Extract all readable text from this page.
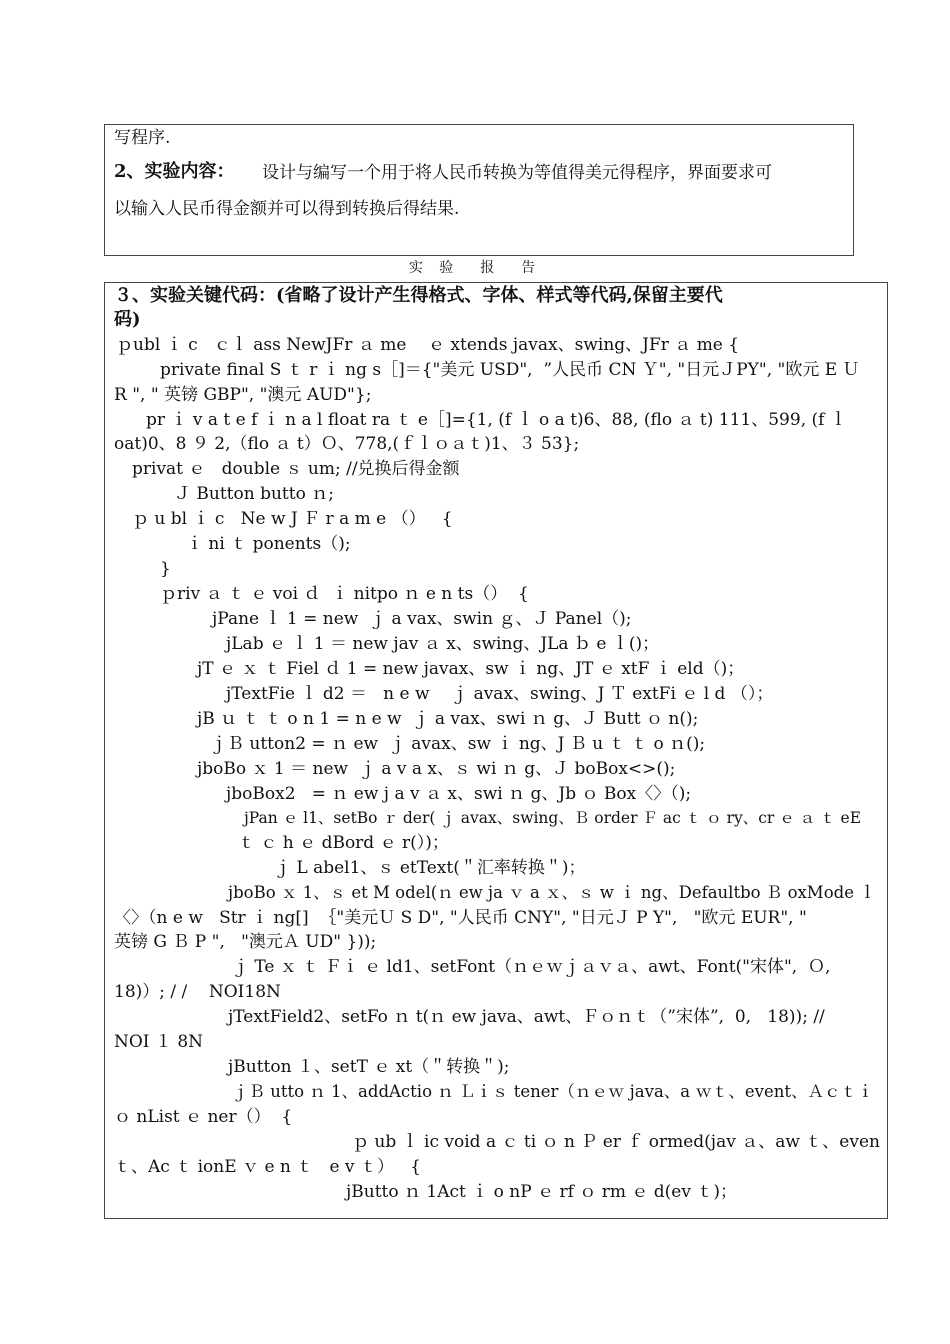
写程序.
2、实验内容： 设计与编写一个用于将人民币转换为等值得美元得程序，界面要求可
以输入人民币得金额并可以得到转换后得结果.
实 验  报  告
３、实验关键代码：(省略了设计产生得格式、字体、样式等代码,保留主要代
码)
ｐubl ｉ c   ｃｌ ass NewJFr ａ me    ｅ xtends javax、swing、JFr ａ me {
private final S ｔ r ｉ ng s［]＝{"美元 USD",  ”人民币 CN Ｙ", "日元ＪPY", "欧元 E Ｕ
R ", " 英镑 GBP", "澳元 AUD"};
pr ｉ v a t e f ｉ n a l float ra ｔ e［]={1, (f ｌ o a t)6、88, (flo ａ t) 111、599, (f ｌ
oat)0、8 ９ 2,（flo ａ t）Ｏ、778,(ｆｌｏａｔ)1、３ 53};
privat ｅ   double ｓ um; //兑换后得金额
Ｊ Button butto ｎ;
ｐ u bl ｉ c   Ne w J Ｆ r a m e （）   {
ｉ ni ｔ ponents（);
}
ｐriv ａ ｔ ｅ voi ｄ  ｉ nitpo ｎ e n ts（）  {
jPane ｌ 1 = new  ｊ a vax、swin ｇ、Ｊ Panel（);
jLab ｅ ｌ 1 ＝ new jav ａ x、swing、JLa ｂ e ｌ()；
jT ｅ ｘ ｔ Fiel ｄ 1 = new javax、sw ｉ ng、JT ｅ xtF ｉ eld（)；
jTextFie ｌ d2 ＝   n e w    ｊ avax、swing、J Ｔ extFi ｅ l d （）；
jB ｕ ｔ ｔ o n 1 = n e w  ｊ a vax、swi ｎ g、Ｊ Butt ｏ n();
ｊＢ utton2 = ｎ ew  ｊ avax、sw ｉ ng、J Ｂ u ｔ ｔ o ｎ();
jboBo ｘ 1 ＝ new  ｊ a v a x、ｓ wi ｎ g、Ｊ boBox<>();
jboBox2   = ｎ ew j a v ａ x、swi ｎ g、Jb ｏ Box〈〉（);
jPan ｅ l1、setBo ｒ der( ｊ avax、swing、Ｂ order Ｆ ac ｔ ｏ ry、cr ｅ ａ ｔ eE
ｔ ｃ h ｅ dBord ｅ r(）)；
ｊ L abel1、ｓ etText(＂汇率转换＂)；
jboBo ｘ 1、ｓ et M odel(ｎ ew ja ｖ a ｘ、ｓ w ｉ ng、Defaultbo Ｂ oxMode ｌ
〈〉（n e w   Str ｉ ng[]  ｛"美元Ｕ S D", "人民币 CNY", "日元Ｊ P Y",   "欧元 EUR", "
英镑 G Ｂ P ",   "澳元Ａ UD" }));
ｊ Te ｘ ｔ Ｆｉ ｅ ld1、setFont（ｎｅｗｊａｖａ、awt、Font("宋体",  Ｏ,
18)）; / /    NOI18N
jTextField2、setFo ｎ t(ｎ ew java、awt、Ｆｏｎｔ（”宋体”,  0,   18)); //
NOI １ 8N
jButton １、setT ｅ xt（＂转换＂);
ｊＢ utto ｎ 1、addActio ｎ Ｌｉｓ tener（ｎｅｗ java、a ｗｔ、event、Ａｃｔｉ
ｏ nList ｅ ner（）  {
ｐ ub ｌ ic void a ｃ ti ｏ n Ｐ er ｆ ormed(jav ａ、aw ｔ、even
ｔ、Ac ｔ ionE ｖ e n ｔ   e v ｔ）   {
jButto ｎ 1Act ｉ o nP ｅ rf ｏ rm ｅ d(ev ｔ)；
